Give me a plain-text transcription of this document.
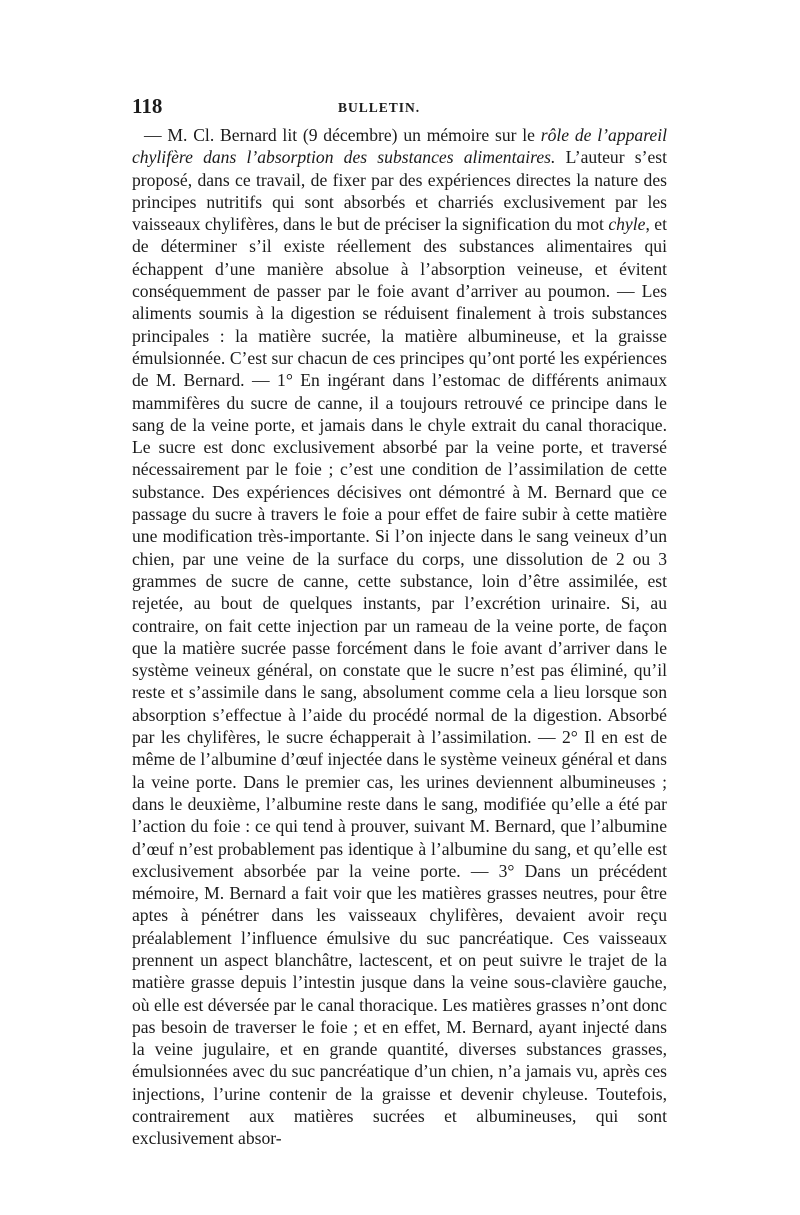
118	BULLETIN.

— M. Cl. Bernard lit (9 décembre) un mémoire sur le rôle de l’appareil chylifère dans l’absorption des substances alimentaires. L’auteur s’est proposé, dans ce travail, de fixer par des expériences directes la nature des principes nutritifs qui sont absorbés et charriés exclusivement par les vaisseaux chylifères, dans le but de préciser la signification du mot chyle, et de déterminer s’il existe réellement des substances alimentaires qui échappent d’une manière absolue à l’absorption veineuse, et évitent conséquemment de passer par le foie avant d’arriver au poumon. — Les aliments soumis à la digestion se réduisent finalement à trois substances principales : la matière sucrée, la matière albumineuse, et la graisse émulsionnée. C’est sur chacun de ces principes qu’ont porté les expériences de M. Bernard. — 1° En ingérant dans l’estomac de différents animaux mammifères du sucre de canne, il a toujours retrouvé ce principe dans le sang de la veine porte, et jamais dans le chyle extrait du canal thoracique. Le sucre est donc exclusivement absorbé par la veine porte, et traversé nécessairement par le foie ; c’est une condition de l’assimilation de cette substance. Des expériences décisives ont démontré à M. Bernard que ce passage du sucre à travers le foie a pour effet de faire subir à cette matière une modification très-importante. Si l’on injecte dans le sang veineux d’un chien, par une veine de la surface du corps, une dissolution de 2 ou 3 grammes de sucre de canne, cette substance, loin d’être assimilée, est rejetée, au bout de quelques instants, par l’excrétion urinaire. Si, au contraire, on fait cette injection par un rameau de la veine porte, de façon que la matière sucrée passe forcément dans le foie avant d’arriver dans le système veineux général, on constate que le sucre n’est pas éliminé, qu’il reste et s’assimile dans le sang, absolument comme cela a lieu lorsque son absorption s’effectue à l’aide du procédé normal de la digestion. Absorbé par les chylifères, le sucre échapperait à l’assimilation. — 2° Il en est de même de l’albumine d’œuf injectée dans le système veineux général et dans la veine porte. Dans le premier cas, les urines deviennent albumineuses ; dans le deuxième, l’albumine reste dans le sang, modifiée qu’elle a été par l’action du foie : ce qui tend à prouver, suivant M. Bernard, que l’albumine d’œuf n’est probablement pas identique à l’albumine du sang, et qu’elle est exclusivement absorbée par la veine porte. — 3° Dans un précédent mémoire, M. Bernard a fait voir que les matières grasses neutres, pour être aptes à pénétrer dans les vaisseaux chylifères, devaient avoir reçu préalablement l’influence émulsive du suc pancréatique. Ces vaisseaux prennent un aspect blanchâtre, lactescent, et on peut suivre le trajet de la matière grasse depuis l’intestin jusque dans la veine sous-clavière gauche, où elle est déversée par le canal thoracique. Les matières grasses n’ont donc pas besoin de traverser le foie ; et en effet, M. Bernard, ayant injecté dans la veine jugulaire, et en grande quantité, diverses substances grasses, émulsionnées avec du suc pancréatique d’un chien, n’a jamais vu, après ces injections, l’urine contenir de la graisse et devenir chyleuse. Toutefois, contrairement aux matières sucrées et albumineuses, qui sont exclusivement absor-
